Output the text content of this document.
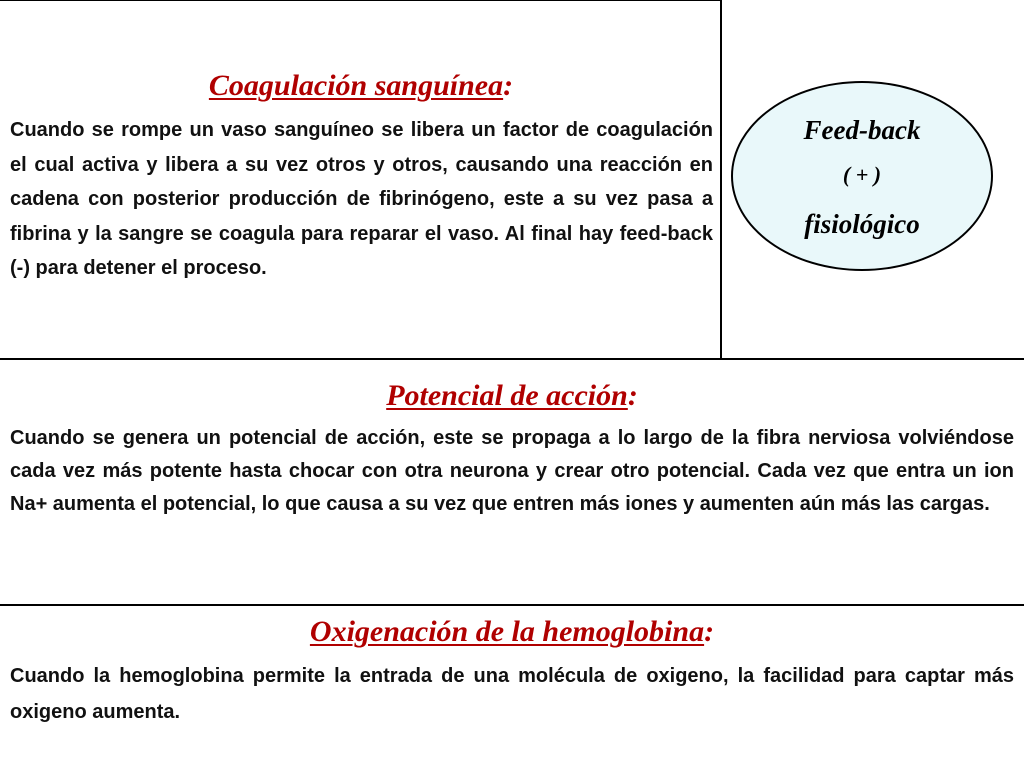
Coagulación sanguínea:

Cuando se rompe un vaso sanguíneo se libera un factor de coagulación el cual activa y libera a su vez otros y otros, causando una reacción en cadena con posterior producción de fibrinógeno, este a su vez pasa a fibrina y la sangre se coagula para reparar el vaso. Al final hay feed-back (-) para detener el proceso.

Feed-back
( + )
fisiológico
Potencial de acción:

Cuando se genera un potencial de acción, este se propaga a lo largo de la fibra nerviosa volviéndose cada vez más potente hasta chocar con otra neurona y crear otro potencial. Cada vez que entra un ion Na+ aumenta el potencial, lo que causa a su vez que entren más iones y aumenten aún más las cargas.

Oxigenación de la hemoglobina:

Cuando la hemoglobina permite la entrada de una molécula de oxigeno, la facilidad para captar más oxigeno aumenta.
